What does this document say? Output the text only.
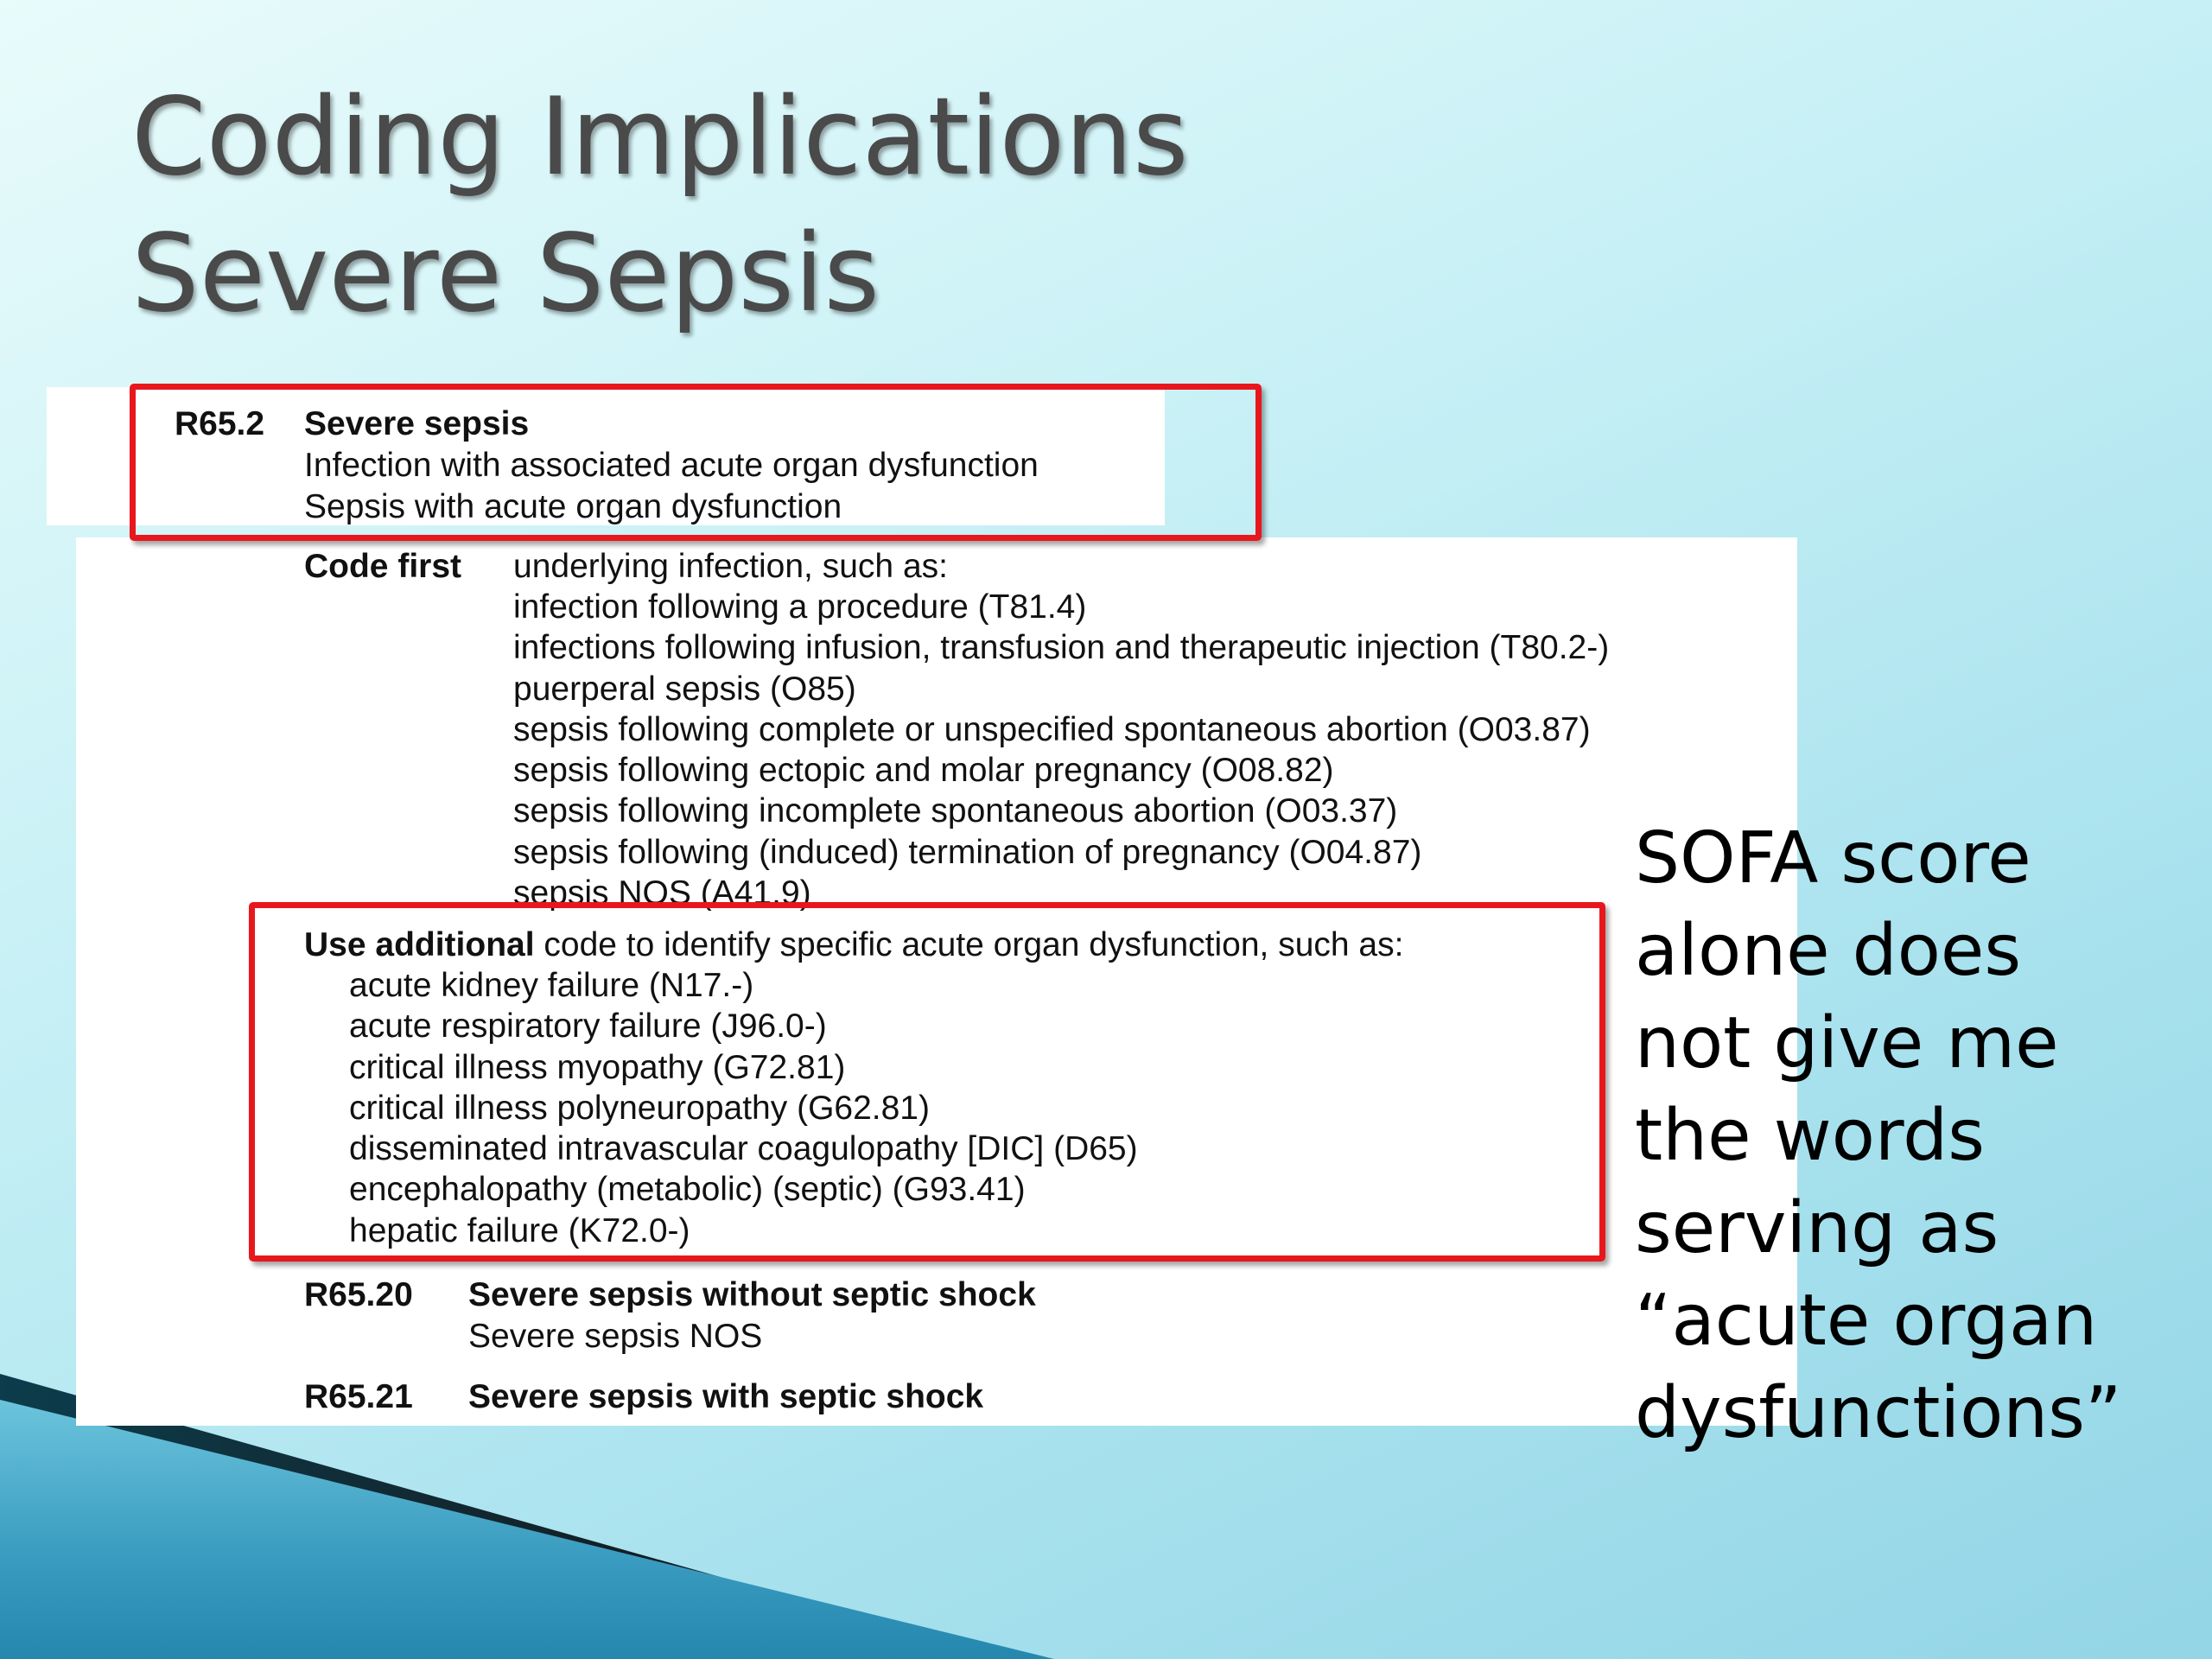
Coding Implications
Severe Sepsis
R65.2 Severe sepsis
Infection with associated acute organ dysfunction
Sepsis with acute organ dysfunction
Code first underlying infection, such as:
infection following a procedure (T81.4)
infections following infusion, transfusion and therapeutic injection (T80.2-)
puerperal sepsis (O85)
sepsis following complete or unspecified spontaneous abortion (O03.87)
sepsis following ectopic and molar pregnancy (O08.82)
sepsis following incomplete spontaneous abortion (O03.37)
sepsis following (induced) termination of pregnancy (O04.87)
sepsis NOS (A41.9)
Use additional code to identify specific acute organ dysfunction, such as:
acute kidney failure (N17.-)
acute respiratory failure (J96.0-)
critical illness myopathy (G72.81)
critical illness polyneuropathy (G62.81)
disseminated intravascular coagulopathy [DIC] (D65)
encephalopathy (metabolic) (septic) (G93.41)
hepatic failure (K72.0-)
R65.20 Severe sepsis without septic shock
Severe sepsis NOS
R65.21 Severe sepsis with septic shock
SOFA score
alone does
not give me
the words
serving as
“acute organ
dysfunctions”
